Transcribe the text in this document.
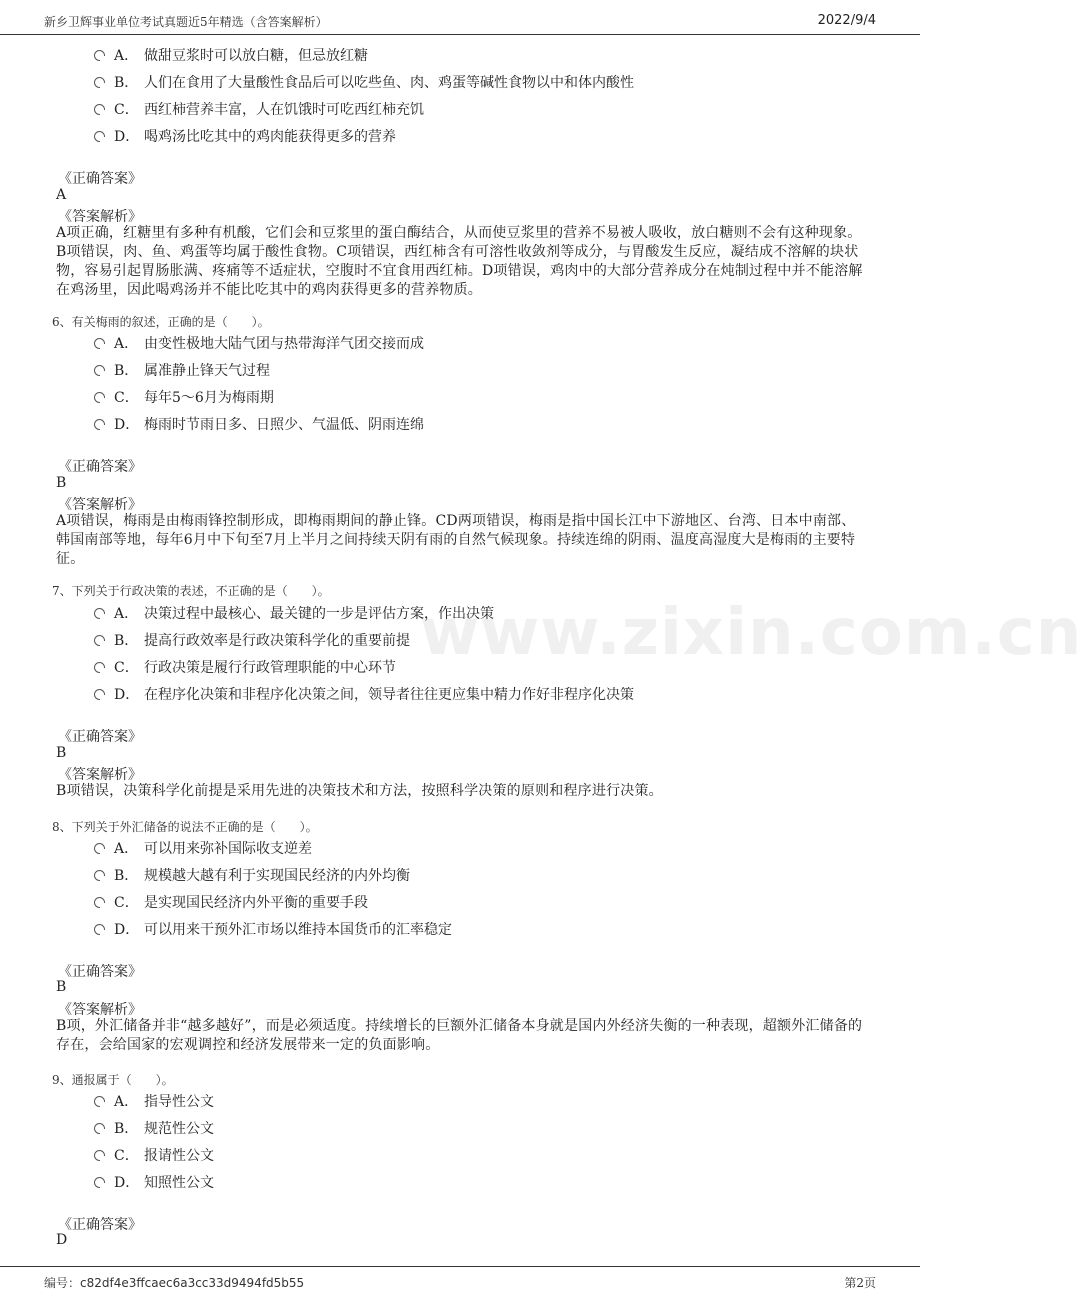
新乡卫辉事业单位考试真题近5年精选（含答案解析）	2022/9/4
www.zixin.com.cn
A． 做甜豆浆时可以放白糖，但忌放红糖
B． 人们在食用了大量酸性食品后可以吃些鱼、肉、鸡蛋等碱性食物以中和体内酸性
C． 西红柿营养丰富，人在饥饿时可吃西红柿充饥
D． 喝鸡汤比吃其中的鸡肉能获得更多的营养
《正确答案》
A
《答案解析》
A项正确，红糖里有多种有机酸，它们会和豆浆里的蛋白酶结合，从而使豆浆里的营养不易被人吸收，放白糖则不会有这种现象。B项错误，肉、鱼、鸡蛋等均属于酸性食物。C项错误，西红柿含有可溶性收敛剂等成分，与胃酸发生反应，凝结成不溶解的块状物，容易引起胃肠胀满、疼痛等不适症状，空腹时不宜食用西红柿。D项错误，鸡肉中的大部分营养成分在炖制过程中并不能溶解在鸡汤里，因此喝鸡汤并不能比吃其中的鸡肉获得更多的营养物质。
6、有关梅雨的叙述，正确的是（　　）。
A． 由变性极地大陆气团与热带海洋气团交接而成
B． 属准静止锋天气过程
C． 每年5～6月为梅雨期
D． 梅雨时节雨日多、日照少、气温低、阴雨连绵
《正确答案》
B
《答案解析》
A项错误，梅雨是由梅雨锋控制形成，即梅雨期间的静止锋。CD两项错误，梅雨是指中国长江中下游地区、台湾、日本中南部、韩国南部等地，每年6月中下旬至7月上半月之间持续天阴有雨的自然气候现象。持续连绵的阴雨、温度高湿度大是梅雨的主要特征。
7、下列关于行政决策的表述，不正确的是（　　）。
A． 决策过程中最核心、最关键的一步是评估方案，作出决策
B． 提高行政效率是行政决策科学化的重要前提
C． 行政决策是履行行政管理职能的中心环节
D． 在程序化决策和非程序化决策之间，领导者往往更应集中精力作好非程序化决策
《正确答案》
B
《答案解析》
B项错误，决策科学化前提是采用先进的决策技术和方法，按照科学决策的原则和程序进行决策。
8、下列关于外汇储备的说法不正确的是（　　）。
A． 可以用来弥补国际收支逆差
B． 规模越大越有利于实现国民经济的内外均衡
C． 是实现国民经济内外平衡的重要手段
D． 可以用来干预外汇市场以维持本国货币的汇率稳定
《正确答案》
B
《答案解析》
B项，外汇储备并非“越多越好”，而是必须适度。持续增长的巨额外汇储备本身就是国内外经济失衡的一种表现，超额外汇储备的存在，会给国家的宏观调控和经济发展带来一定的负面影响。
9、通报属于（　　）。
A． 指导性公文
B． 规范性公文
C． 报请性公文
D． 知照性公文
《正确答案》
D
编号：c82df4e3ffcaec6a3cc33d9494fd5b55	第2页
